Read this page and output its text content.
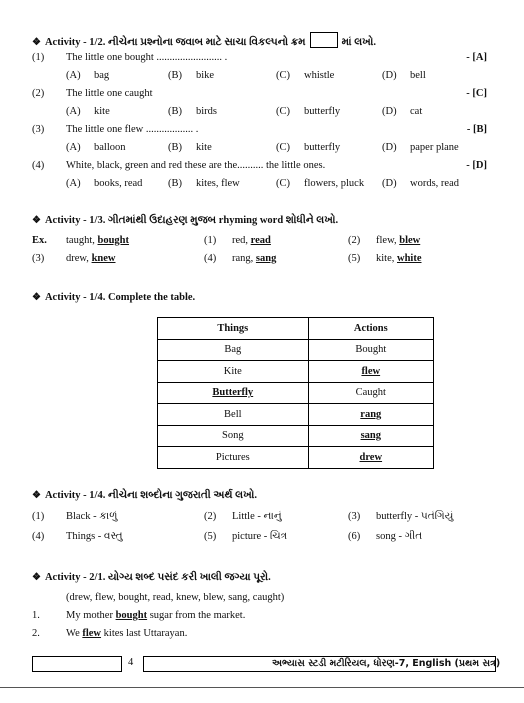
❖ Activity - 1/2. નીચેના પ્રશ્નોના જવાબ માટે સાચા વિકલ્પનો ક્રમ	માં લખો.
(1) The little one bought ......................... .	- [A]
(A) bag	(B) bike	(C) whistle	(D) bell
(2) The little one caught	- [C]
(A) kite	(B) birds	(C) butterfly	(D) cat
(3) The little one flew .................. .	- [B]
(A) balloon	(B) kite	(C) butterfly	(D) paper plane
(4) White, black, green and red these are the.......... the little ones.	- [D]
(A) books, read (B) kites, flew	(C) flowers, pluck (D) words, read
❖ Activity - 1/3. ગીતમાંથી ઉદાહરણ મુજબ rhyming word શોધીને લખો.
Ex. taught, bought	(1) red, read	(2) flew, blew
(3) drew, knew	(4) rang, sang	(5) kite, white
❖ Activity - 1/4. Complete the table.
Things	Actions
Bag	Bought
Kite	flew
Butterfly	Caught
Bell	rang
Song	sang
Pictures	drew
❖ Activity - 1/4. નીચેના શબ્દોના ગુજરાતી અર્થ લખો.
(1) Black - કાળું	(2) Little - નાનું	(3) butterfly - પતંગિયું
(4) Things - વસ્તુ	(5) picture - ચિત્ર	(6) song - ગીત
❖ Activity - 2/1. યોગ્ય શબ્દ પસંદ કરી ખાલી જગ્યા પૂરો.
(drew, flew, bought, read, knew, blew, sang, caught)
1. My mother bought sugar from the market.
2. We flew kites last Uttarayan.
4	અભ્યાસ સ્ટડી મટીરિયલ, ધોરણ-7, English (પ્રથમ સત્ર)
